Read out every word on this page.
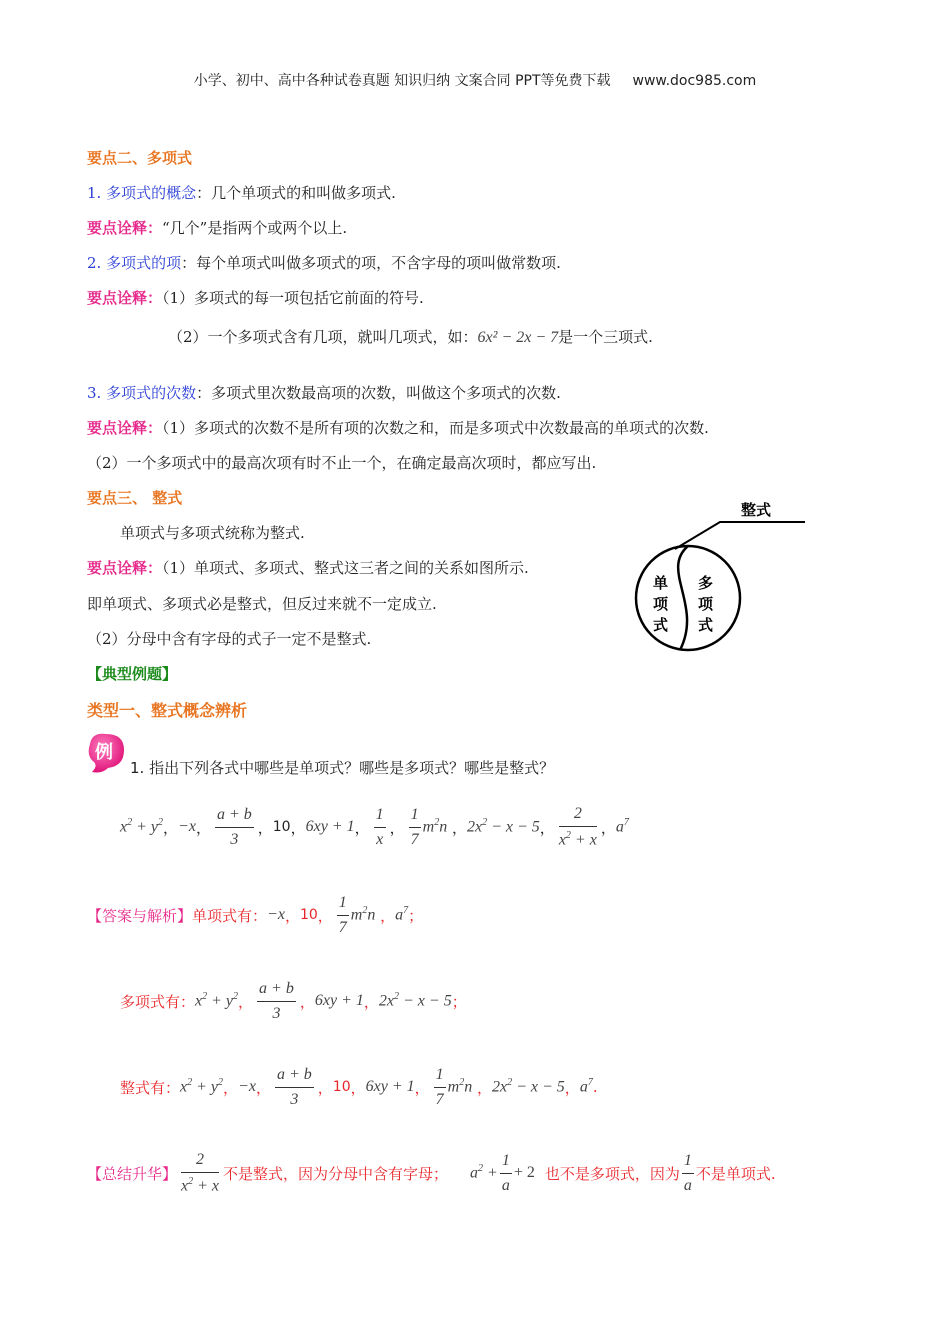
小学、初中、高中各种试卷真题 知识归纳 文案合同 PPT等免费下载 www.doc985.com
要点二、多项式
1. 多项式的概念：几个单项式的和叫做多项式.
要点诠释：“几个”是指两个或两个以上.
2. 多项式的项：每个单项式叫做多项式的项，不含字母的项叫做常数项.
要点诠释：（1）多项式的每一项包括它前面的符号.
（2）一个多项式含有几项，就叫几项式，如：6x² − 2x − 7是一个三项式.
3. 多项式的次数：多项式里次数最高项的次数，叫做这个多项式的次数.
要点诠释：（1）多项式的次数不是所有项的次数之和，而是多项式中次数最高的单项式的次数.
（2）一个多项式中的最高次项有时不止一个，在确定最高次项时，都应写出.
要点三、 整式
单项式与多项式统称为整式.
要点诠释：（1）单项式、多项式、整式这三者之间的关系如图所示.
即单项式、多项式必是整式，但反过来就不一定成立.
（2）分母中含有字母的式子一定不是整式.
整式
单
项
式
多
项
式
【典型例题】
类型一、整式概念辨析
例
1. 指出下列各式中哪些是单项式？哪些是多项式？哪些是整式？
$x^2 + y^2$ ， −x ， $\frac{a + b}{3}$ ， 10 ， 6xy + 1 ， $\frac{1}{x}$ ， $\frac{1}{7} m^2n$ ， $2x^2 - x - 5$ ， $\frac{2}{x^2 + x}$ ， $a^7$
【答案与解析】 单项式有： −x ， 10 ， $\frac{1}{7} m^2n$ ， $a^7$ ；
多项式有： $x^2 + y^2$ ， $\frac{a + b}{3}$ ， 6xy + 1 ， $2x^2 - x - 5$ ；
整式有： $x^2 + y^2$ ， −x ， $\frac{a + b}{3}$ ， 10 ， 6xy + 1 ， $\frac{1}{7} m^2n$ ， $2x^2 - x - 5$ ， $a^7$ .
【总结升华】 $\frac{2}{x^2 + x}$ 不是整式，因为分母中含有字母； $a^2 + \frac{1}{a} + 2$ 也不是多项式，因为 $\frac{1}{a}$ 不是单项式.
